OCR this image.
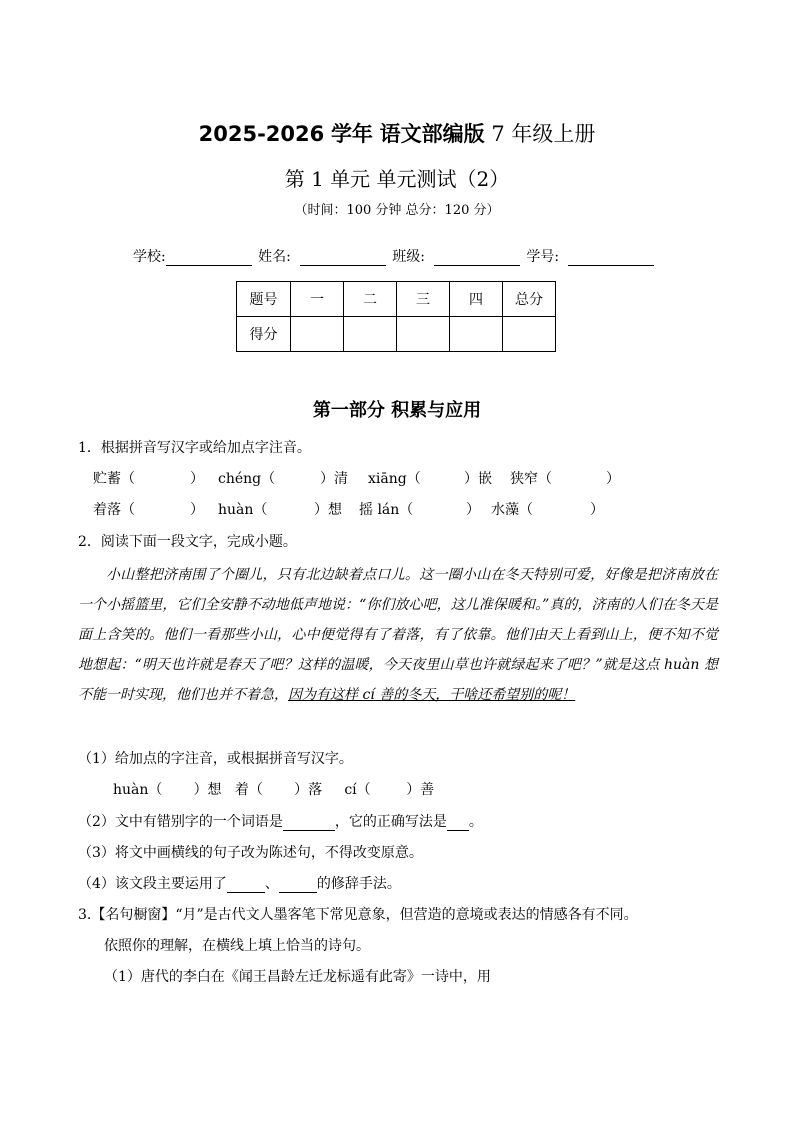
2025-2026 学年 语文部编版 7 年级上册
第 1 单元 单元测试（2）
（时间：100 分钟 总分：120 分）
学校:	姓名:	班级:	学号:
题号	一	二	三	四	总分
得分					
第一部分 积累与应用
1．根据拼音写汉字或给加点字注音。
贮蓄（	） chéng（	）清 xiāng（	）嵌 狭窄（	）
着落（	） huàn（	）想 摇 lán（	） 水藻（	）
2．阅读下面一段文字，完成小题。

小山整把济南围了个圈儿，只有北边缺着点口儿。这一圈小山在冬天特别可爱，好像是把济南放在一个小摇篮里，它们全安静不动地低声地说：“你们放心吧，这儿准保暖和。”真的，济南的人们在冬天是面上含笑的。他们一看那些小山，心中便觉得有了着落，有了依靠。他们由天上看到山上，便不知不觉地想起：“明天也许就是春天了吧？这样的温暖，今天夜里山草也许就绿起来了吧？”就是这点 huàn 想不能一时实现，他们也并不着急，因为有这样 cí 善的冬天，干啥还希望别的呢！

（1）给加点的字注音，或根据拼音写汉字。
huàn（ ）想 着（ ）落 cí（	）善
（2）文中有错别字的一个词语是	，它的正确写法是 。
（3）将文中画横线的句子改为陈述句，不得改变原意。
（4）该文段主要运用了	、	的修辞手法。
3.【名句橱窗】“月”是古代文人墨客笔下常见意象，但营造的意境或表达的情感各有不同。
依照你的理解，在横线上填上恰当的诗句。
（1）唐代的李白在《闻王昌龄左迁龙标遥有此寄》一诗中，用
